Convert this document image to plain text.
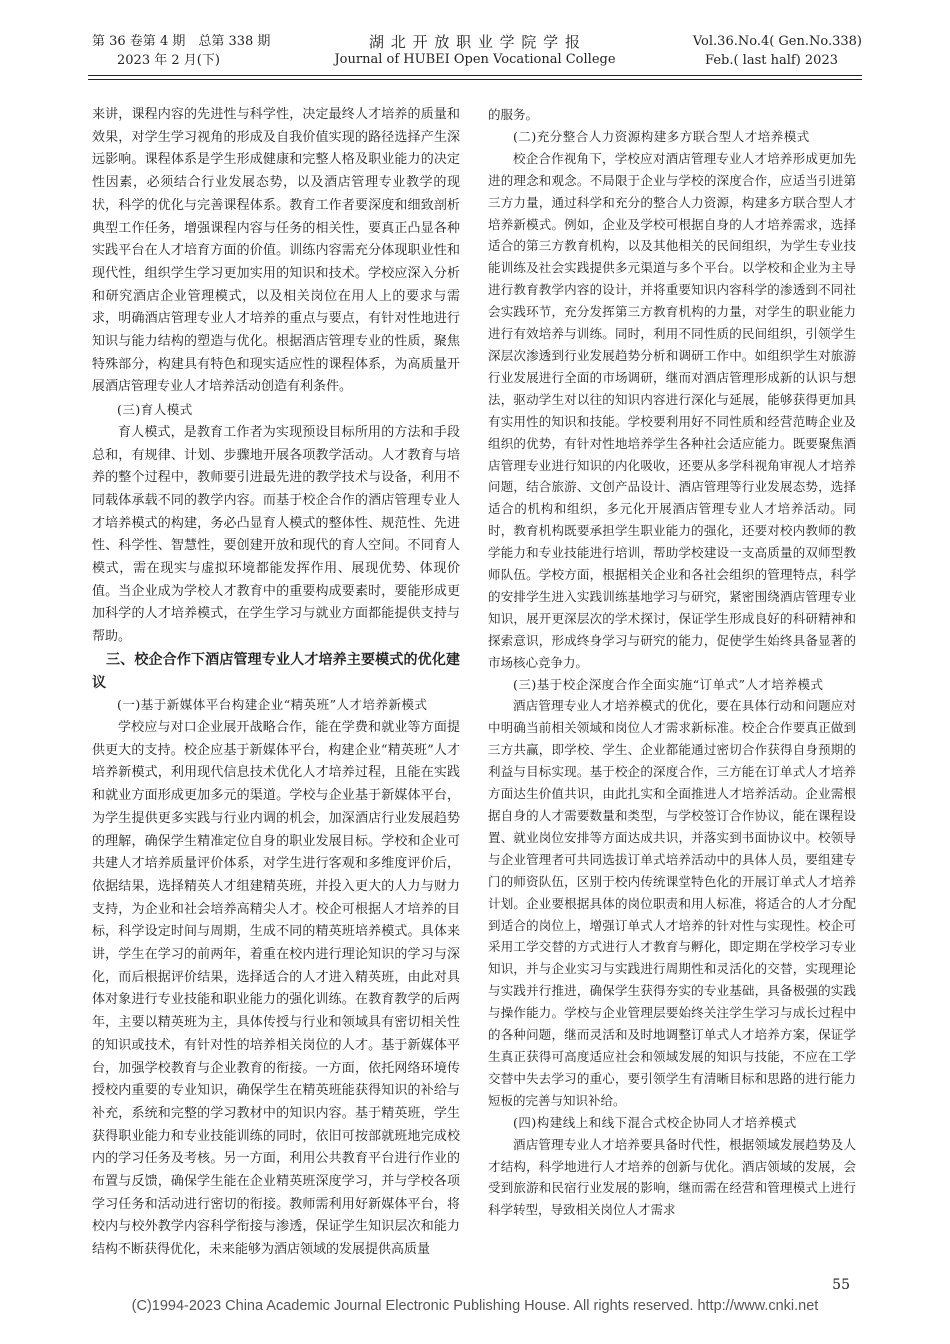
第 36 卷第 4 期　总第 338 期
2023 年 2 月(下)
湖 北 开 放 职 业 学 院 学 报
Journal of HUBEI Open Vocational College
Vol.36.No.4( Gen.No.338)
Feb.( last half) 2023

来讲，课程内容的先进性与科学性，决定最终人才培养的质量和效果，对学生学习视角的形成及自我价值实现的路径选择产生深远影响。课程体系是学生形成健康和完整人格及职业能力的决定性因素，必须结合行业发展态势，以及酒店管理专业教学的现状，科学的优化与完善课程体系。教育工作者要深度和细致剖析典型工作任务，增强课程内容与任务的相关性，要真正凸显各种实践平台在人才培育方面的价值。训练内容需充分体现职业性和现代性，组织学生学习更加实用的知识和技术。学校应深入分析和研究酒店企业管理模式，以及相关岗位在用人上的要求与需求，明确酒店管理专业人才培养的重点与要点，有针对性地进行知识与能力结构的塑造与优化。根据酒店管理专业的性质，聚焦特殊部分，构建具有特色和现实适应性的课程体系，为高质量开展酒店管理专业人才培养活动创造有利条件。

(三)育人模式

育人模式，是教育工作者为实现预设目标所用的方法和手段总和，有规律、计划、步骤地开展各项教学活动。人才教育与培养的整个过程中，教师要引进最先进的教学技术与设备，利用不同载体承载不同的教学内容。而基于校企合作的酒店管理专业人才培养模式的构建，务必凸显育人模式的整体性、规范性、先进性、科学性、智慧性，要创建开放和现代的育人空间。不同育人模式，需在现实与虚拟环境都能发挥作用、展现优势、体现价值。当企业成为学校人才教育中的重要构成要素时，要能形成更加科学的人才培养模式，在学生学习与就业方面都能提供支持与帮助。

三、校企合作下酒店管理专业人才培养主要模式的优化建议

(一)基于新媒体平台构建企业“精英班”人才培养新模式

学校应与对口企业展开战略合作，能在学费和就业等方面提供更大的支持。校企应基于新媒体平台，构建企业“精英班”人才培养新模式，利用现代信息技术优化人才培养过程，且能在实践和就业方面形成更加多元的渠道。学校与企业基于新媒体平台，为学生提供更多实践与行业内调的机会，加深酒店行业发展趋势的理解，确保学生精准定位自身的职业发展目标。学校和企业可共建人才培养质量评价体系，对学生进行客观和多维度评价后，依据结果，选择精英人才组建精英班，并投入更大的人力与财力支持，为企业和社会培养高精尖人才。校企可根据人才培养的目标，科学设定时间与周期，生成不同的精英班培养模式。具体来讲，学生在学习的前两年，着重在校内进行理论知识的学习与深化，而后根据评价结果，选择适合的人才进入精英班，由此对具体对象进行专业技能和职业能力的强化训练。在教育教学的后两年，主要以精英班为主，具体传授与行业和领域具有密切相关性的知识或技术，有针对性的培养相关岗位的人才。基于新媒体平台，加强学校教育与企业教育的衔接。一方面，依托网络环境传授校内重要的专业知识，确保学生在精英班能获得知识的补给与补充，系统和完整的学习教材中的知识内容。基于精英班，学生获得职业能力和专业技能训练的同时，依旧可按部就班地完成校内的学习任务及考核。另一方面，利用公共教育平台进行作业的布置与反馈，确保学生能在企业精英班深度学习，并与学校各项学习任务和活动进行密切的衔接。教师需利用好新媒体平台，将校内与校外教学内容科学衔接与渗透，保证学生知识层次和能力结构不断获得优化，未来能够为酒店领域的发展提供高质量

的服务。

(二)充分整合人力资源构建多方联合型人才培养模式

校企合作视角下，学校应对酒店管理专业人才培养形成更加先进的理念和观念。不局限于企业与学校的深度合作，应适当引进第三方力量，通过科学和充分的整合人力资源，构建多方联合型人才培养新模式。例如，企业及学校可根据自身的人才培养需求，选择适合的第三方教育机构，以及其他相关的民间组织，为学生专业技能训练及社会实践提供多元渠道与多个平台。以学校和企业为主导进行教育教学内容的设计，并将重要知识内容科学的渗透到不同社会实践环节，充分发挥第三方教育机构的力量，对学生的职业能力进行有效培养与训练。同时，利用不同性质的民间组织，引领学生深层次渗透到行业发展趋势分析和调研工作中。如组织学生对旅游行业发展进行全面的市场调研，继而对酒店管理形成新的认识与想法，驱动学生对以往的知识内容进行深化与延展，能够获得更加具有实用性的知识和技能。学校要利用好不同性质和经营范畴企业及组织的优势，有针对性地培养学生各种社会适应能力。既要聚焦酒店管理专业进行知识的内化吸收，还要从多学科视角审视人才培养问题，结合旅游、文创产品设计、酒店管理等行业发展态势，选择适合的机构和组织，多元化开展酒店管理专业人才培养活动。同时，教育机构既要承担学生职业能力的强化，还要对校内教师的教学能力和专业技能进行培训，帮助学校建设一支高质量的双师型教师队伍。学校方面，根据相关企业和各社会组织的管理特点，科学的安排学生进入实践训练基地学习与研究，紧密围绕酒店管理专业知识，展开更深层次的学术探讨，保证学生形成良好的科研精神和探索意识，形成终身学习与研究的能力，促使学生始终具备显著的市场核心竞争力。

(三)基于校企深度合作全面实施“订单式”人才培养模式

酒店管理专业人才培养模式的优化，要在具体行动和问题应对中明确当前相关领域和岗位人才需求新标准。校企合作要真正做到三方共赢，即学校、学生、企业都能通过密切合作获得自身预期的利益与目标实现。基于校企的深度合作，三方能在订单式人才培养方面达生价值共识，由此扎实和全面推进人才培养活动。企业需根据自身的人才需要数量和类型，与学校签订合作协议，能在课程设置、就业岗位安排等方面达成共识，并落实到书面协议中。校领导与企业管理者可共同选拔订单式培养活动中的具体人员，要组建专门的师资队伍，区别于校内传统课堂特色化的开展订单式人才培养计划。企业要根据具体的岗位职责和用人标准，将适合的人才分配到适合的岗位上，增强订单式人才培养的针对性与实现性。校企可采用工学交替的方式进行人才教育与孵化，即定期在学校学习专业知识，并与企业实习与实践进行周期性和灵活化的交替，实现理论与实践并行推进，确保学生获得夯实的专业基础，具备极强的实践与操作能力。学校与企业管理层要始终关注学生学习与成长过程中的各种问题，继而灵活和及时地调整订单式人才培养方案，保证学生真正获得可高度适应社会和领域发展的知识与技能，不应在工学交替中失去学习的重心，要引领学生有清晰目标和思路的进行能力短板的完善与知识补给。

(四)构建线上和线下混合式校企协同人才培养模式

酒店管理专业人才培养要具备时代性，根据领域发展趋势及人才结构，科学地进行人才培养的创新与优化。酒店领域的发展，会受到旅游和民宿行业发展的影响，继而需在经营和管理模式上进行科学转型，导致相关岗位人才需求

55
(C)1994-2023 China Academic Journal Electronic Publishing House. All rights reserved. http://www.cnki.net
